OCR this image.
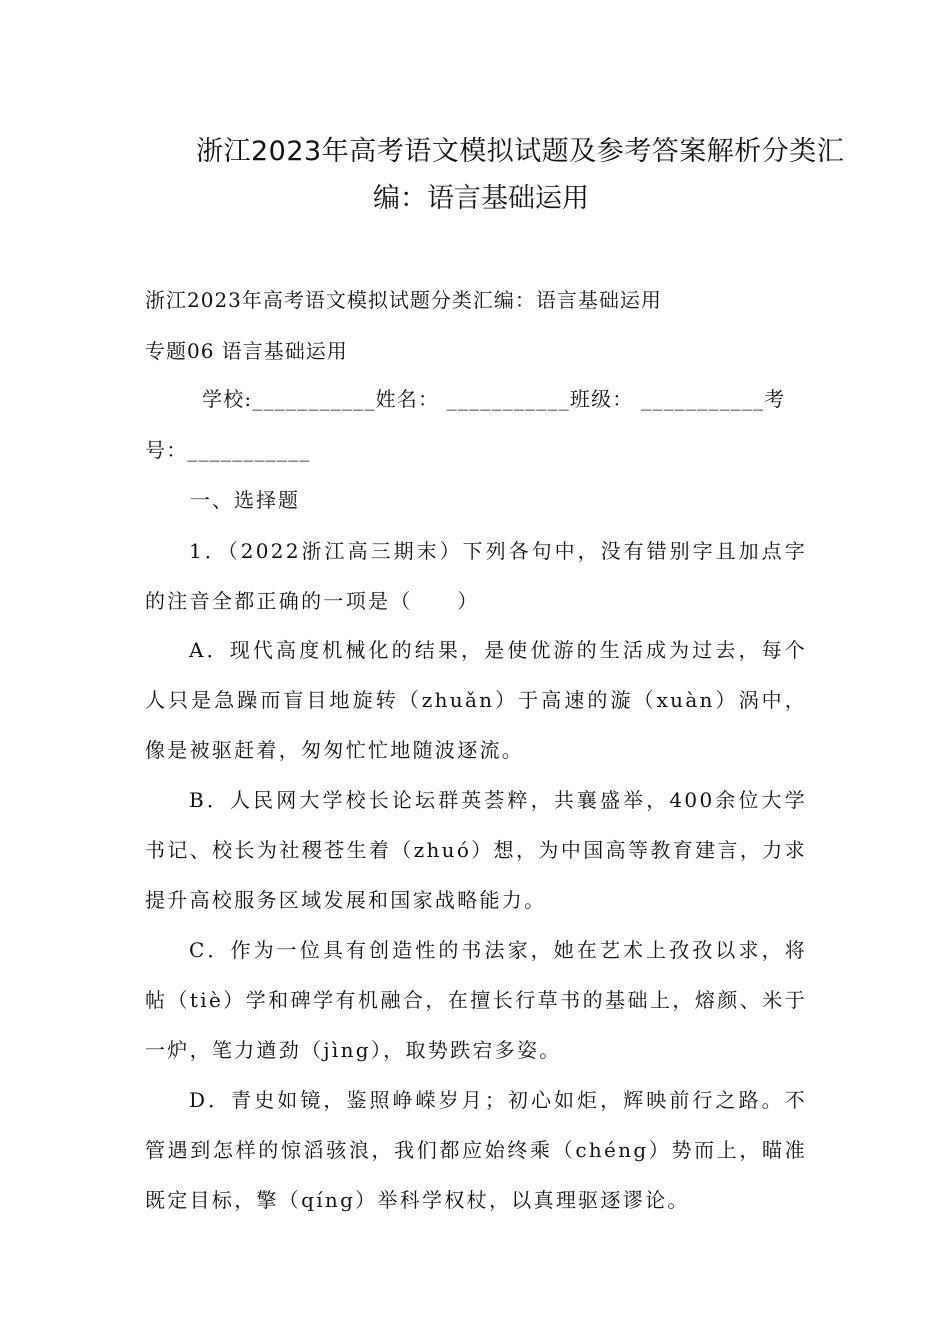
浙江2023年高考语文模拟试题及参考答案解析分类汇
编：语言基础运用
浙江2023年高考语文模拟试题分类汇编：语言基础运用
专题06 语言基础运用
学校:___________姓名： ___________班级： ___________考
号：___________
一、选择题
1．（2022浙江高三期末）下列各句中，没有错别字且加点字的注音全都正确的一项是（　　）
A．现代高度机械化的结果，是使优游的生活成为过去，每个人只是急躁而盲目地旋转（zhuǎn）于高速的漩（xuàn）涡中，像是被驱赶着，匆匆忙忙地随波逐流。
B．人民网大学校长论坛群英荟粹，共襄盛举，400余位大学书记、校长为社稷苍生着（zhuó）想，为中国高等教育建言，力求提升高校服务区域发展和国家战略能力。
C．作为一位具有创造性的书法家，她在艺术上孜孜以求，将帖（tiè）学和碑学有机融合，在擅长行草书的基础上，熔颜、米于一炉，笔力遒劲（jìng），取势跌宕多姿。
D．青史如镜，鉴照峥嵘岁月；初心如炬，辉映前行之路。不管遇到怎样的惊滔骇浪，我们都应始终乘（chéng）势而上，瞄准既定目标，擎（qíng）举科学权杖，以真理驱逐谬论。
